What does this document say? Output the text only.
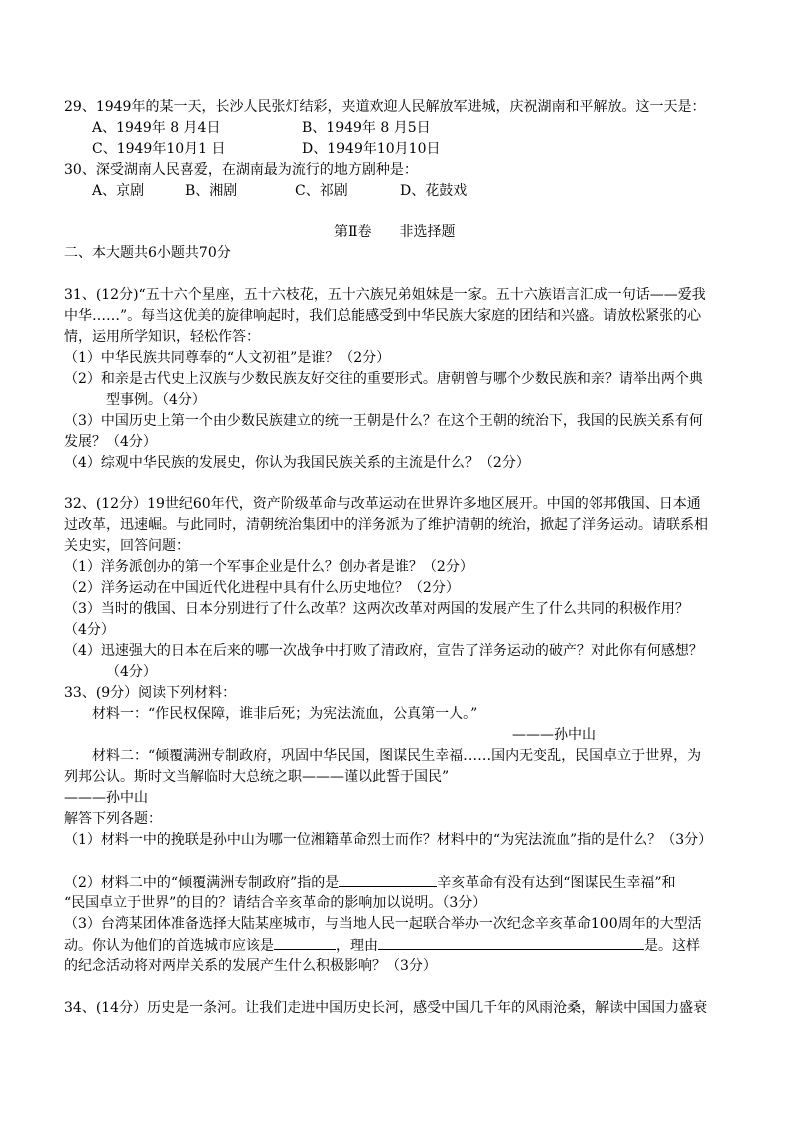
29、1949年的某一天，长沙人民张灯结彩，夹道欢迎人民解放军进城，庆祝湖南和平解放。这一天是：
A、1949年 8 月4日	B、1949年 8 月5日
C、1949年10月1 日	D、1949年10月10日
30、深受湖南人民喜爱，在湖南最为流行的地方剧种是：
A、京剧	B、湘剧	C、祁剧	D、花鼓戏
第Ⅱ卷　　非选择题
二、本大题共6小题共70分
31、(12分)“五十六个星座，五十六枝花，五十六族兄弟姐妹是一家。五十六族语言汇成一句话——爱我
中华……”。每当这优美的旋律响起时，我们总能感受到中华民族大家庭的团结和兴盛。请放松紧张的心
情，运用所学知识，轻松作答：
（1）中华民族共同尊奉的“人文初祖”是谁？（2分）
（2）和亲是古代史上汉族与少数民族友好交往的重要形式。唐朝曾与哪个少数民族和亲？请举出两个典
型事例。（4分）
（3）中国历史上第一个由少数民族建立的统一王朝是什么？在这个王朝的统治下，我国的民族关系有何
发展？（4分）
（4）综观中华民族的发展史，你认为我国民族关系的主流是什么？（2分）
32、(12分）19世纪60年代，资产阶级革命与改革运动在世界许多地区展开。中国的邻邦俄国、日本通
过改革，迅速崛。与此同时，清朝统治集团中的洋务派为了维护清朝的统治，掀起了洋务运动。请联系相
关史实，回答问题：
（1）洋务派创办的第一个军事企业是什么？创办者是谁？（2分）
（2）洋务运动在中国近代化进程中具有什么历史地位？（2分）
（3）当时的俄国、日本分别进行了什么改革？这两次改革对两国的发展产生了什么共同的积极作用？
（4分）
（4）迅速强大的日本在后来的哪一次战争中打败了清政府，宣告了洋务运动的破产？对此你有何感想？
（4分）
33、(9分）阅读下列材料：
材料一：“作民权保障，谁非后死；为宪法流血，公真第一人。”
———孙中山
材料二：“倾覆满洲专制政府，巩固中华民国，图谋民生幸福……国内无变乱，民国卓立于世界，为
列邦公认。斯时文当解临时大总统之职———谨以此誓于国民”
———孙中山
解答下列各题：
（1）材料一中的挽联是孙中山为哪一位湘籍革命烈士而作？材料中的“为宪法流血”指的是什么？（3分）
（2）材料二中的“倾覆满洲专制政府”指的是	辛亥革命有没有达到“图谋民生幸福”和
“民国卓立于世界”的目的？请结合辛亥革命的影响加以说明。（3分）
（3）台湾某团体准备选择大陆某座城市，与当地人民一起联合举办一次纪念辛亥革命100周年的大型活
动。你认为他们的首选城市应该是	，理由	是。这样
的纪念活动将对两岸关系的发展产生什么积极影响？（3分）
34、(14分）历史是一条河。让我们走进中国历史长河，感受中国几千年的风雨沧桑，解读中国国力盛衰
